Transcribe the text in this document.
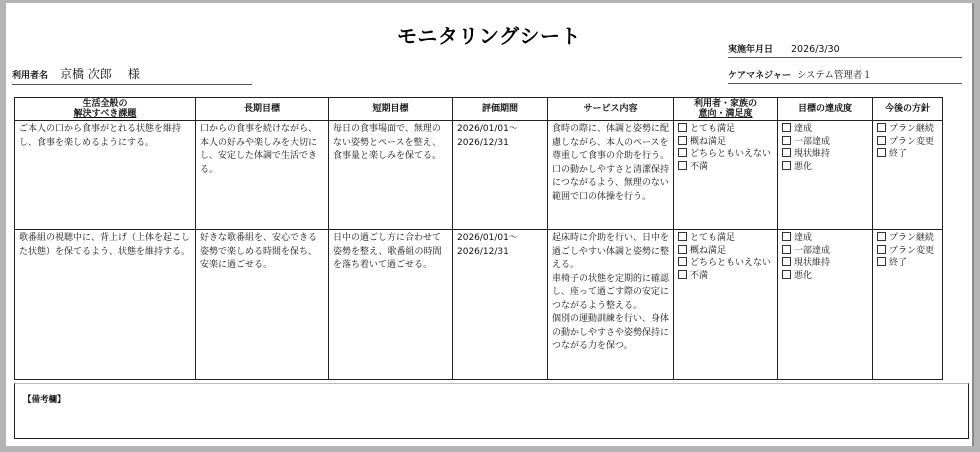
モニタリングシート
実施年月日 2026/3/30
利用者名 京橋 次郎 様	ケアマネジャー システム管理者１
生活全般の
解決すべき課題	長期目標	短期目標	評価期間	サービス内容	利用者・家族の
意向・満足度	目標の達成度	今後の方針
ご本人の口から食事がとれる状態を維持し、食事を楽しめるようにする。	口からの食事を続けながら、本人の好みや楽しみを大切にし、安定した体調で生活できる。	毎日の食事場面で、無理のない姿勢とペースを整え、食事量と楽しみを保てる。	2026/01/01～
2026/12/31	食時の際に、体調と姿勢に配慮しながら、本人のペースを尊重して食事の介助を行う。
口の動かしやすさと清潔保持につながるよう、無理のない範囲で口の体操を行う。	とても満足
概ね満足
どちらともいえない
不満	達成
一部達成
現状維持
悪化	プラン継続
プラン変更
終了

歌番組の視聴中に、背上げ（上体を起こした状態）を保てるよう、状態を維持する。	好きな歌番組を、安心できる姿勢で楽しめる時間を保ち、安楽に過ごせる。	日中の過ごし方に合わせて姿勢を整え、歌番組の時間を落ち着いて過ごせる。	2026/01/01～
2026/12/31	起床時に介助を行い、日中を過ごしやすい体調と姿勢に整える。
車椅子の状態を定期的に確認し、座って過ごす際の安定につながるよう整える。
個別の運動訓練を行い、身体の動かしやすさや姿勢保持につながる力を保つ。	とても満足
概ね満足
どちらともいえない
不満	達成
一部達成
現状維持
悪化	プラン継続
プラン変更
終了
【備考欄】
